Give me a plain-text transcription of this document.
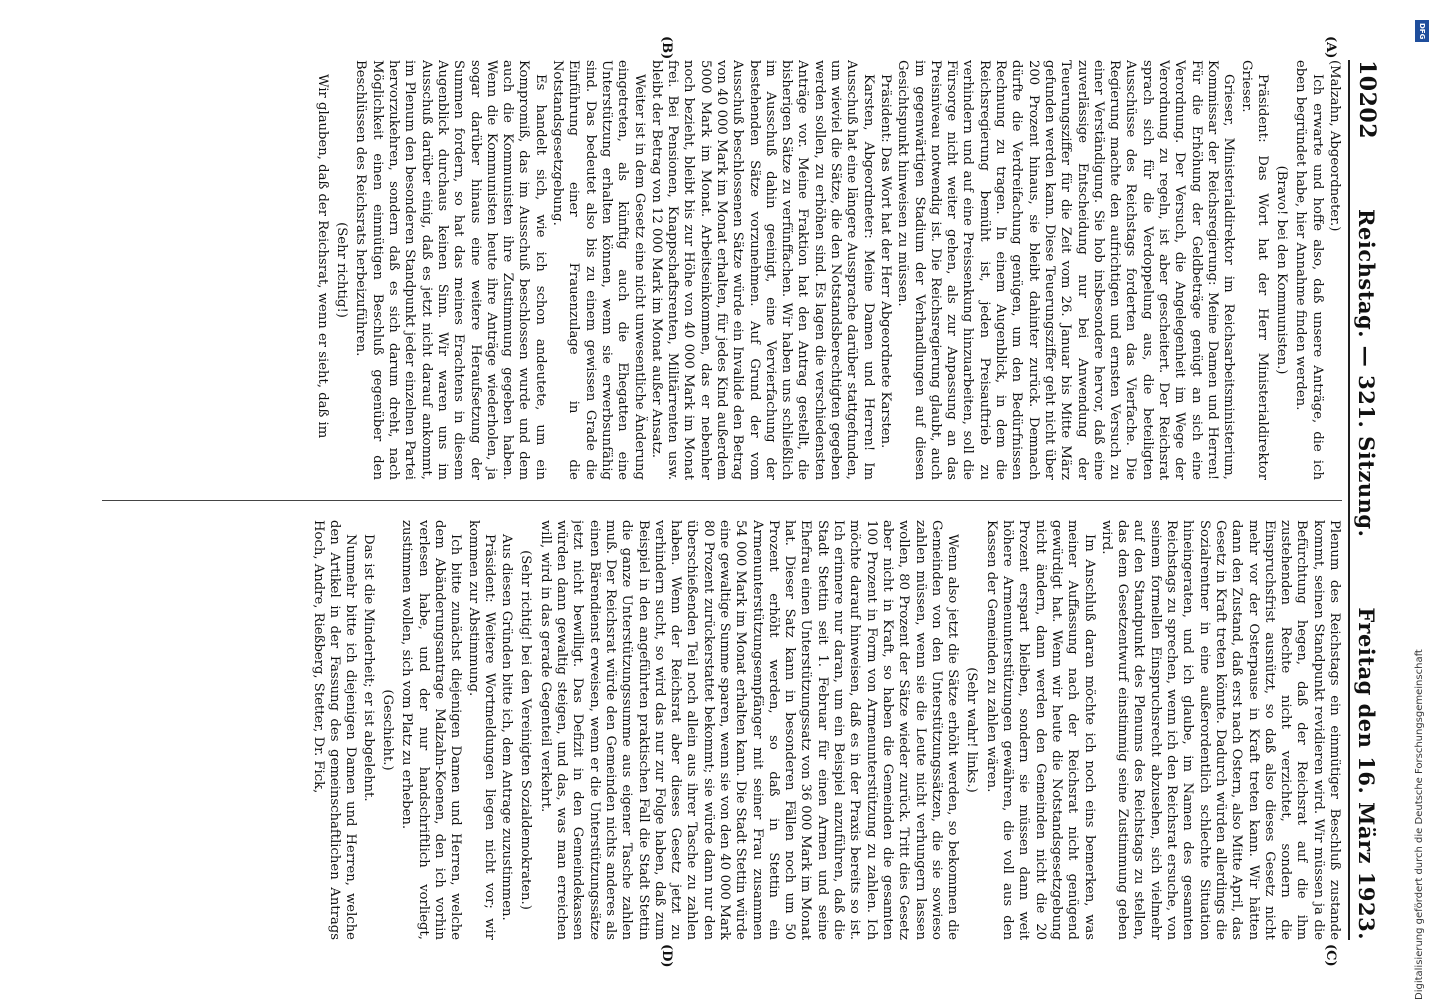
10202
Reichstag. — 321. Sitzung.
Freitag den 16. März 1923.
(A)
(B)
(C)
(D)

(Malzahn, Abgeordneter.)

Ich erwarte und hoffe also, daß unsere Anträge, die ich eben begründet habe, hier Annahme finden werden.

(Bravo! bei den Kommunisten.)

Präsident: Das Wort hat der Herr Ministerialdirektor Grieser.

Grieser, Ministerialdirektor im Reichsarbeitsministerium, Kommissar der Reichsregierung: Meine Damen und Herren! Für die Erhöhung der Geldbeträge genügt an sich eine Verordnung. Der Versuch, die Angelegenheit im Wege der Verordnung zu regeln, ist aber gescheitert. Der Reichsrat sprach sich für die Verdoppelung aus, die beteiligten Ausschüsse des Reichstags forderten das Vierfache. Die Regierung machte den aufrichtigen und ernsten Versuch zu einer Verständigung. Sie hob insbesondere hervor, daß eine zuverlässige Entscheidung nur bei Anwendung der Teuerungsziffer für die Zeit vom 26. Januar bis Mitte März gefunden werden kann. Diese Teuerungsziffer geht nicht über 200 Prozent hinaus, sie bleibt dahinter zurück. Demnach dürfte die Verdreifachung genügen, um den Bedürfnissen Rechnung zu tragen. In einem Augenblick, in dem die Reichsregierung bemüht ist, jeden Preisauftrieb zu verhindern und auf eine Preissenkung hinzuarbeiten, soll die Fürsorge nicht weiter gehen, als zur Anpassung an das Preisniveau notwendig ist. Die Reichsregierung glaubt, auch im gegenwärtigen Stadium der Verhandlungen auf diesen Gesichtspunkt hinweisen zu müssen.

Präsident: Das Wort hat der Herr Abgeordnete Karsten.

Karsten, Abgeordneter: Meine Damen und Herren! Im Ausschuß hat eine längere Aussprache darüber stattgefunden, um wieviel die Sätze, die den Notstandsberechtigten gegeben werden sollen, zu erhöhen sind. Es lagen die verschiedensten Anträge vor. Meine Fraktion hat den Antrag gestellt, die bisherigen Sätze zu verfünffachen. Wir haben uns schließlich im Ausschuß dahin geeinigt, eine Vervierfachung der bestehenden Sätze vorzunehmen. Auf Grund der vom Ausschuß beschlossenen Sätze würde ein Invalide den Betrag von 40 000 Mark im Monat erhalten, für jedes Kind außerdem 5000 Mark im Monat. Arbeitseinkommen, das er nebenher noch bezieht, bleibt bis zur Höhe von 40 000 Mark im Monat frei. Bei Pensionen, Knappschaftsrenten, Militärrenten usw. bleibt der Betrag von 12 000 Mark im Monat außer Ansatz.

Weiter ist in dem Gesetz eine nicht unwesentliche Änderung eingetreten, als künftig auch die Ehegatten eine Unterstützung erhalten können, wenn sie erwerbsunfähig sind. Das bedeutet also bis zu einem gewissen Grade die Einführung einer Frauenzulage in die Notstandsgesetzgebung.

Es handelt sich, wie ich schon andeutete, um ein Kompromiß, das im Ausschuß beschlossen wurde und dem auch die Kommunisten ihre Zustimmung gegeben haben. Wenn die Kommunisten heute ihre Anträge wiederholen, ja sogar darüber hinaus eine weitere Heraufsetzung der Summen fordern, so hat das meines Erachtens in diesem Augenblick durchaus keinen Sinn. Wir waren uns im Ausschuß darüber einig, daß es jetzt nicht darauf ankommt, im Plenum den besonderen Standpunkt jeder einzelnen Partei hervorzukehren, sondern daß es sich darum dreht, nach Möglichkeit einen einmütigen Beschluß gegenüber den Beschlüssen des Reichsrats herbeizuführen.

(Sehr richtig!)

Wir glauben, daß der Reichsrat, wenn er sieht, daß im

Plenum des Reichstags ein einmütiger Beschluß zustande kommt, seinen Standpunkt revidieren wird. Wir müssen ja die Befürchtung hegen, daß der Reichsrat auf die ihm zustehenden Rechte nicht verzichtet, sondern die Einspruchsfrist ausnützt, so daß also dieses Gesetz nicht mehr vor der Osterpause in Kraft treten kann. Wir hätten dann den Zustand, daß erst nach Ostern, also Mitte April, das Gesetz in Kraft treten könnte. Dadurch würden allerdings die Sozialrentner in eine außerordentlich schlechte Situation hineingeraten, und ich glaube, im Namen des gesamten Reichstags zu sprechen, wenn ich den Reichsrat ersuche, von seinem formellen Einspruchsrecht abzusehen, sich vielmehr auf den Standpunkt des Plenums des Reichstags zu stellen, das dem Gesetzentwurf einstimmig seine Zustimmung geben wird.

Im Anschluß daran möchte ich noch eins bemerken, was meiner Auffassung nach der Reichsrat nicht genügend gewürdigt hat. Wenn wir heute die Notstandsgesetzgebung nicht ändern, dann werden den Gemeinden nicht die 20 Prozent erspart bleiben, sondern sie müssen dann weit höhere Armenunterstützungen gewähren, die voll aus den Kassen der Gemeinden zu zahlen wären.

(Sehr wahr! links.)

Wenn also jetzt die Sätze erhöht werden, so bekommen die Gemeinden von den Unterstützungssätzen, die sie sowieso zahlen müssen, wenn sie die Leute nicht verhungern lassen wollen, 80 Prozent der Sätze wieder zurück. Tritt dies Gesetz aber nicht in Kraft, so haben die Gemeinden die gesamten 100 Prozent in Form von Armenunterstützung zu zahlen. Ich möchte darauf hinweisen, daß es in der Praxis bereits so ist. Ich erinnere nur daran, um ein Beispiel anzuführen, daß die Stadt Stettin seit 1. Februar für einen Armen und seine Ehefrau einen Unterstützungssatz von 36 000 Mark im Monat hat. Dieser Satz kann in besonderen Fällen noch um 50 Prozent erhöht werden, so daß in Stettin ein Armenunterstützungsempfänger mit seiner Frau zusammen 54 000 Mark im Monat erhalten kann. Die Stadt Stettin würde eine gewaltige Summe sparen, wenn sie von den 40 000 Mark 80 Prozent zurückerstattet bekommt; sie würde dann nur den überschießenden Teil noch allein aus ihrer Tasche zu zahlen haben. Wenn der Reichsrat aber dieses Gesetz jetzt zu verhindern sucht, so wird das nur zur Folge haben, daß zum Beispiel in den angeführten praktischen Fall die Stadt Stettin die ganze Unterstützungssumme aus eigener Tasche zahlen muß. Der Reichsrat würde den Gemeinden nichts anderes als einen Bärendienst erweisen, wenn er die Unterstützungssätze jetzt nicht bewilligt. Das Defizit in den Gemeindekassen würden dann gewaltig steigen, und das, was man erreichen will, wird in das gerade Gegenteil verkehrt.

(Sehr richtig! bei den Vereinigten Sozialdemokraten.)

Aus diesen Gründen bitte ich, dem Antrage zuzustimmen.

Präsident: Weitere Wortmeldungen liegen nicht vor; wir kommen zur Abstimmung.

Ich bitte zunächst diejenigen Damen und Herren, welche dem Abänderungsantrage Malzahn-Koenen, den ich vorhin verlesen habe, und der nur handschriftlich vorliegt, zustimmen wollen, sich vom Platz zu erheben.

(Geschieht.)

Das ist die Minderheit; er ist abgelehnt.

Nunmehr bitte ich diejenigen Damen und Herren, welche den Artikel in der Fassung des gemeinschaftlichen Antrags Hoch, Andre, Rießberg, Stetter, Dr. Fick,

DFG
Digitalisierung gefördert durch die Deutsche Forschungsgemeinschaft
